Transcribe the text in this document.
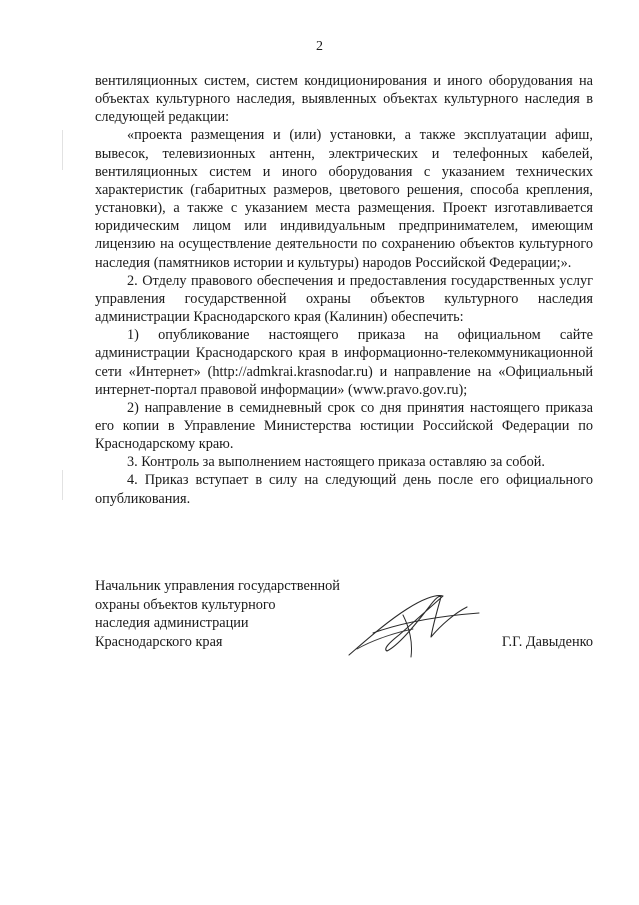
2

вентиляционных систем, систем кондиционирования и иного оборудования на объектах культурного наследия, выявленных объектах культурного наследия в следующей редакции:

«проекта размещения и (или) установки, а также эксплуатации афиш, вывесок, телевизионных антенн, электрических и телефонных кабелей, вентиляционных систем и иного оборудования с указанием технических характеристик (габаритных размеров, цветового решения, способа крепления, установки), а также с указанием места размещения. Проект изготавливается юридическим лицом или индивидуальным предпринимателем, имеющим лицензию на осуществление деятельности по сохранению объектов культурного наследия (памятников истории и культуры) народов Российской Федерации;».

2. Отделу правового обеспечения и предоставления государственных услуг управления государственной охраны объектов культурного наследия администрации Краснодарского края (Калинин) обеспечить:

1) опубликование настоящего приказа на официальном сайте администрации Краснодарского края в информационно-телекоммуникационной сети «Интернет» (http://admkrai.krasnodar.ru) и направление на «Официальный интернет-портал правовой информации» (www.pravo.gov.ru);

2) направление в семидневный срок со дня принятия настоящего приказа его копии в Управление Министерства юстиции Российской Федерации по Краснодарскому краю.

3. Контроль за выполнением настоящего приказа оставляю за собой.

4. Приказ вступает в силу на следующий день после его официального опубликования.

Начальник управления государственной
охраны объектов культурного
наследия администрации
Краснодарского края	Г.Г. Давыденко
